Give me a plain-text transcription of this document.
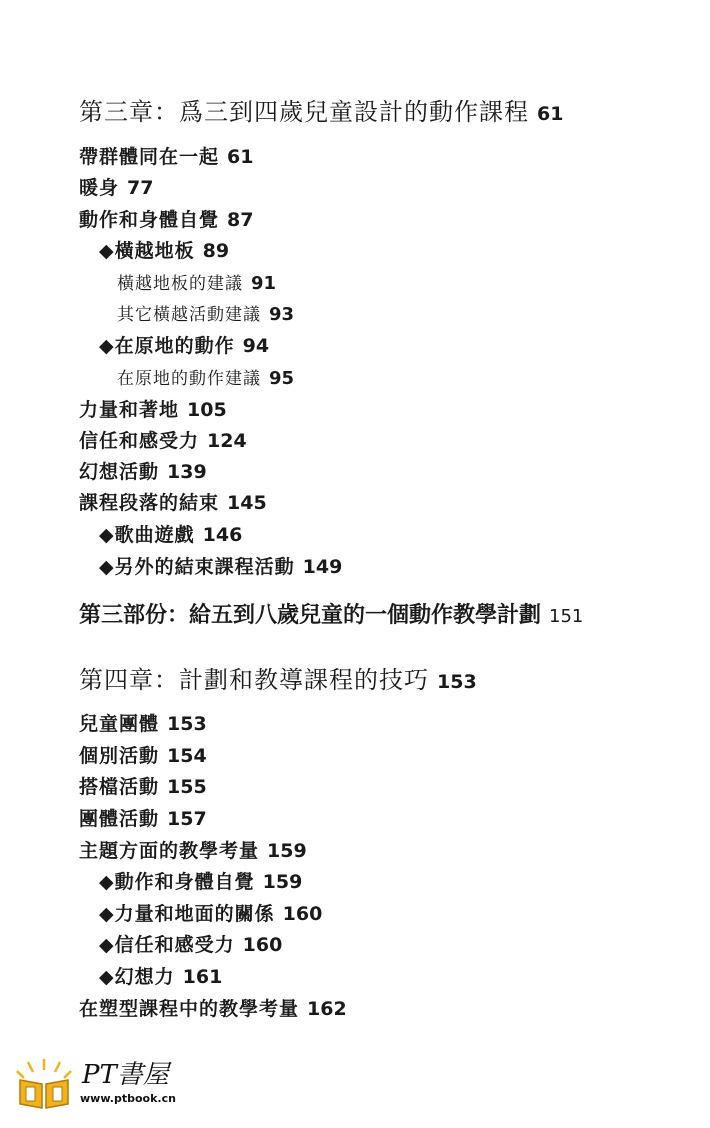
第三章：爲三到四歲兒童設計的動作課程 61
帶群體同在一起 61
暖身 77
動作和身體自覺 87
◆橫越地板 89
橫越地板的建議 91
其它橫越活動建議 93
◆在原地的動作 94
在原地的動作建議 95
力量和著地 105
信任和感受力 124
幻想活動 139
課程段落的結束 145
◆歌曲遊戲 146
◆另外的結束課程活動 149
第三部份：給五到八歲兒童的一個動作教學計劃 151
第四章：計劃和教導課程的技巧 153
兒童團體 153
個別活動 154
搭檔活動 155
團體活動 157
主題方面的教學考量 159
◆動作和身體自覺 159
◆力量和地面的關係 160
◆信任和感受力 160
◆幻想力 161
在塑型課程中的教學考量 162
PT書屋
www.ptbook.cn
